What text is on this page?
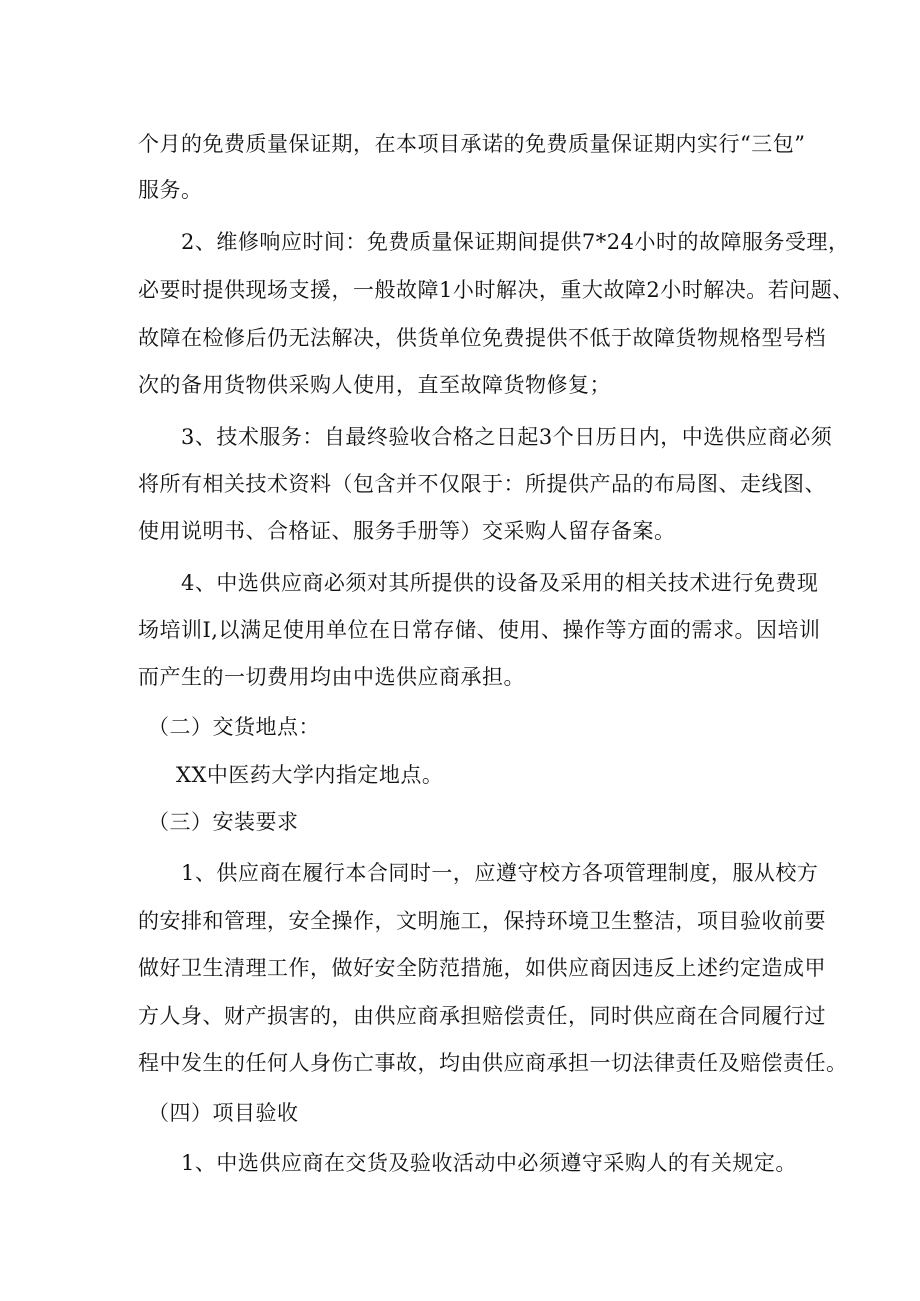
个月的免费质量保证期，在本项目承诺的免费质量保证期内实行“三包”
服务。
2、维修响应时间：免费质量保证期间提供7*24小时的故障服务受理，
必要时提供现场支援，一般故障1小时解决，重大故障2小时解决。若问题、
故障在检修后仍无法解决，供货单位免费提供不低于故障货物规格型号档
次的备用货物供采购人使用，直至故障货物修复；
3、技术服务：自最终验收合格之日起3个日历日内，中选供应商必须
将所有相关技术资料（包含并不仅限于：所提供产品的布局图、走线图、
使用说明书、合格证、服务手册等）交采购人留存备案。
4、中选供应商必须对其所提供的设备及采用的相关技术进行免费现
场培训I,以满足使用单位在日常存储、使用、操作等方面的需求。因培训
而产生的一切费用均由中选供应商承担。
（二）交货地点：
XX中医药大学内指定地点。
（三）安装要求
1、供应商在履行本合同时一，应遵守校方各项管理制度，服从校方
的安排和管理，安全操作，文明施工，保持环境卫生整洁，项目验收前要
做好卫生清理工作，做好安全防范措施，如供应商因违反上述约定造成甲
方人身、财产损害的，由供应商承担赔偿责任，同时供应商在合同履行过
程中发生的任何人身伤亡事故，均由供应商承担一切法律责任及赔偿责任。
（四）项目验收
1、中选供应商在交货及验收活动中必须遵守采购人的有关规定。
